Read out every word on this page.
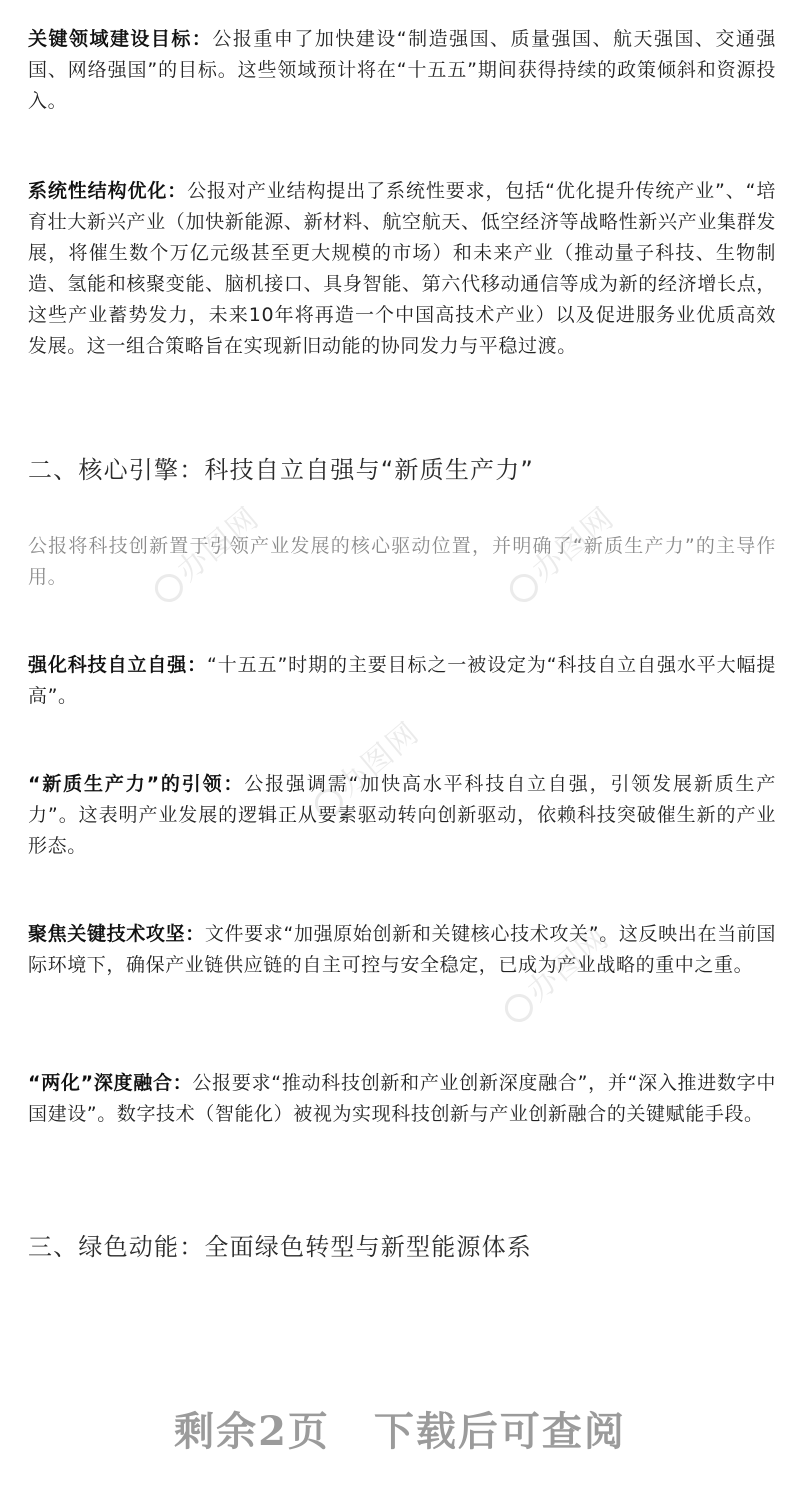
办图网	办图网
办图网
办图网

关键领域建设目标：公报重申了加快建设“制造强国、质量强国、航天强国、交通强国、网络强国”的目标。这些领域预计将在“十五五”期间获得持续的政策倾斜和资源投入。

系统性结构优化：公报对产业结构提出了系统性要求，包括“优化提升传统产业”、“培育壮大新兴产业（加快新能源、新材料、航空航天、低空经济等战略性新兴产业集群发展，将催生数个万亿元级甚至更大规模的市场）和未来产业（推动量子科技、生物制造、氢能和核聚变能、脑机接口、具身智能、第六代移动通信等成为新的经济增长点，这些产业蓄势发力，未来10年将再造一个中国高技术产业）以及促进服务业优质高效发展。这一组合策略旨在实现新旧动能的协同发力与平稳过渡。

二、核心引擎：科技自立自强与“新质生产力”

公报将科技创新置于引领产业发展的核心驱动位置，并明确了“新质生产力”的主导作用。

强化科技自立自强：“十五五”时期的主要目标之一被设定为“科技自立自强水平大幅提高”。

“新质生产力”的引领：公报强调需“加快高水平科技自立自强，引领发展新质生产力”。这表明产业发展的逻辑正从要素驱动转向创新驱动，依赖科技突破催生新的产业形态。

聚焦关键技术攻坚：文件要求“加强原始创新和关键核心技术攻关”。这反映出在当前国际环境下，确保产业链供应链的自主可控与安全稳定，已成为产业战略的重中之重。

“两化”深度融合：公报要求“推动科技创新和产业创新深度融合”，并“深入推进数字中国建设”。数字技术（智能化）被视为实现科技创新与产业创新融合的关键赋能手段。

三、绿色动能：全面绿色转型与新型能源体系
剩余2页 下载后可查阅
